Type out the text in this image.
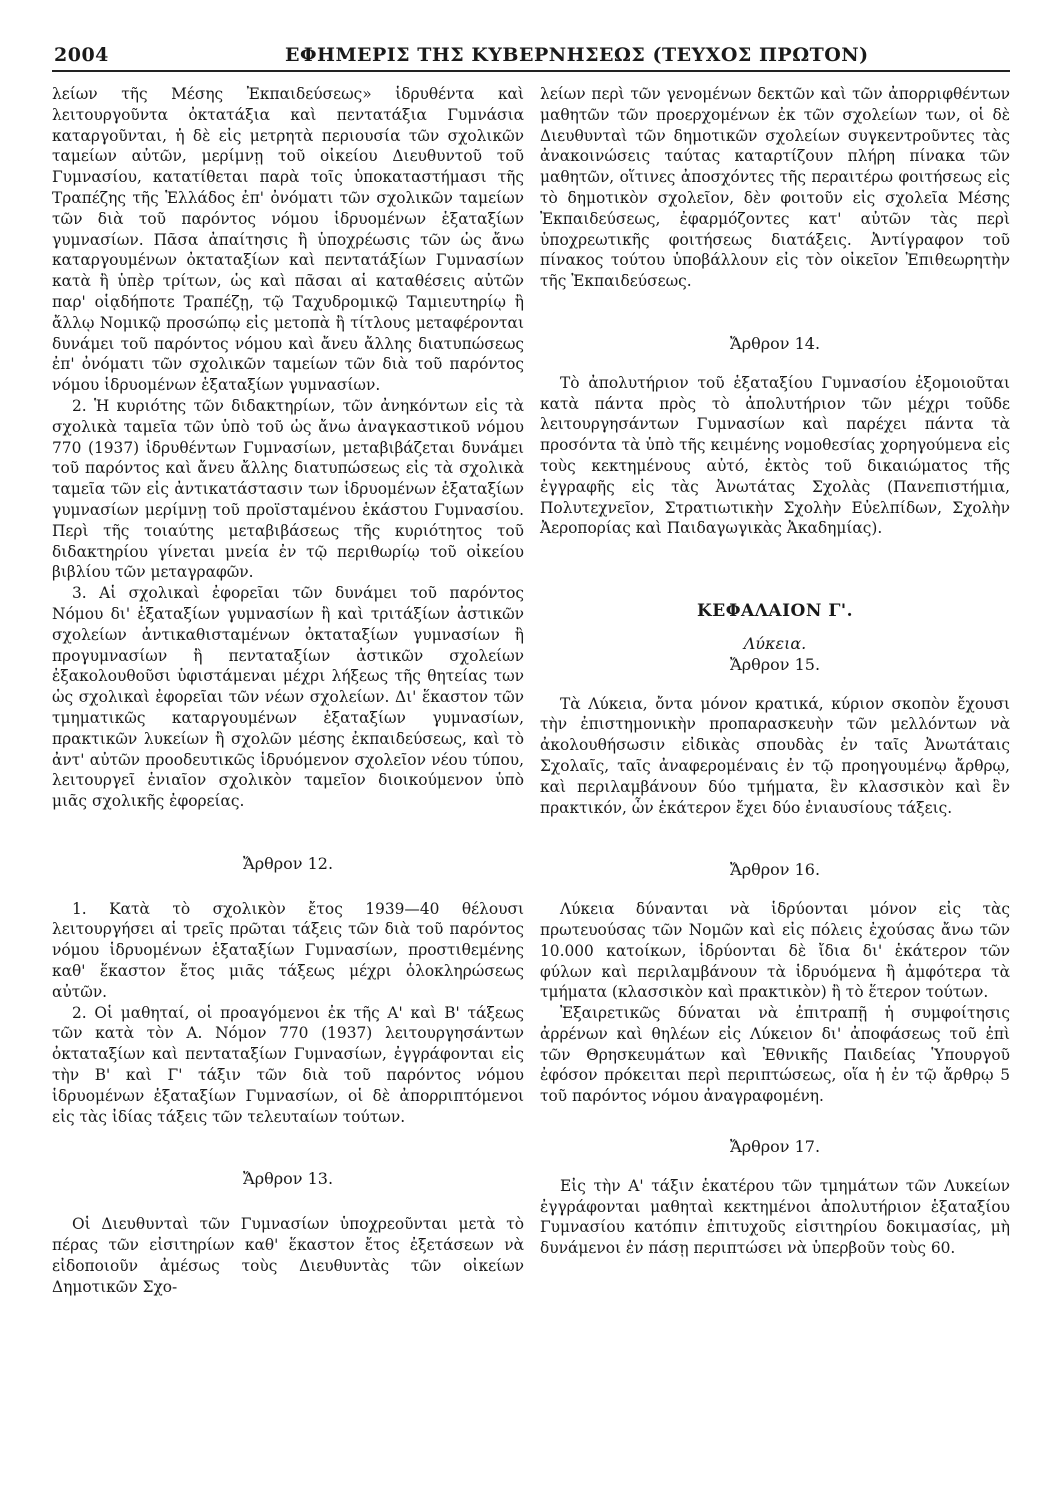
2004	ΕΦΗΜΕΡΙΣ ΤΗΣ ΚΥΒΕΡΝΗΣΕΩΣ (ΤΕΥΧΟΣ ΠΡΩΤΟΝ)

λείων τῆς Μέσης Ἐκπαιδεύσεως» ἱδρυθέντα καὶ λειτουργοῦντα ὀκτατάξια καὶ πεντατάξια Γυμνάσια καταργοῦνται, ἡ δὲ εἰς μετρητὰ περιουσία τῶν σχολικῶν ταμείων αὐτῶν, μερίμνῃ τοῦ οἰκείου Διευθυντοῦ τοῦ Γυμνασίου, κατατίθεται παρὰ τοῖς ὑποκαταστήμασι τῆς Τραπέζης τῆς Ἑλλάδος ἐπ' ὀνόματι τῶν σχολικῶν ταμείων τῶν διὰ τοῦ παρόντος νόμου ἱδρυομένων ἑξαταξίων γυμνασίων. Πᾶσα ἀπαίτησις ἢ ὑποχρέωσις τῶν ὡς ἄνω καταργουμένων ὀκταταξίων καὶ πεντατάξίων Γυμνασίων κατὰ ἢ ὑπὲρ τρίτων, ὡς καὶ πᾶσαι αἱ καταθέσεις αὐτῶν παρ' οἱᾳδήποτε Τραπέζῃ, τῷ Ταχυδρομικῷ Ταμιευτηρίῳ ἢ ἄλλῳ Νομικῷ προσώπῳ εἰς μετοπὰ ἢ τίτλους μεταφέρονται δυνάμει τοῦ παρόντος νόμου καὶ ἄνευ ἄλλης διατυπώσεως ἐπ' ὀνόματι τῶν σχολικῶν ταμείων τῶν διὰ τοῦ παρόντος νόμου ἱδρυομένων ἑξαταξίων γυμνασίων.

2. Ἡ κυριότης τῶν διδακτηρίων, τῶν ἀνηκόντων εἰς τὰ σχολικὰ ταμεῖα τῶν ὑπὸ τοῦ ὡς ἄνω ἀναγκαστικοῦ νόμου 770 (1937) ἱδρυθέντων Γυμνασίων, μεταβιβάζεται δυνάμει τοῦ παρόντος καὶ ἄνευ ἄλλης διατυπώσεως εἰς τὰ σχολικὰ ταμεῖα τῶν εἰς ἀντικατάστασιν των ἱδρυομένων ἑξαταξίων γυμνασίων μερίμνῃ τοῦ προϊσταμένου ἑκάστου Γυμνασίου. Περὶ τῆς τοιαύτης μεταβιβάσεως τῆς κυριότητος τοῦ διδακτηρίου γίνεται μνεία ἐν τῷ περιθωρίῳ τοῦ οἰκείου βιβλίου τῶν μεταγραφῶν.

3. Αἱ σχολικαὶ ἐφορεῖαι τῶν δυνάμει τοῦ παρόντος Νόμου δι' ἑξαταξίων γυμνασίων ἢ καὶ τριτάξίων ἀστικῶν σχολείων ἀντικαθισταμένων ὀκταταξίων γυμνασίων ἢ προγυμνασίων ἢ πενταταξίων ἀστικῶν σχολείων ἐξακολουθοῦσι ὑφιστάμεναι μέχρι λήξεως τῆς θητείας των ὡς σχολικαὶ ἐφορεῖαι τῶν νέων σχολείων. Δι' ἕκαστον τῶν τμηματικῶς καταργουμένων ἑξαταξίων γυμνασίων, πρακτικῶν λυκείων ἢ σχολῶν μέσης ἐκπαιδεύσεως, καὶ τὸ ἀντ' αὐτῶν προοδευτικῶς ἱδρυόμενον σχολεῖον νέου τύπου, λειτουργεῖ ἑνιαῖον σχολικὸν ταμεῖον διοικούμενον ὑπὸ μιᾶς σχολικῆς ἐφορείας.

Ἄρθρον 12.

1. Κατὰ τὸ σχολικὸν ἔτος 1939—40 θέλουσι λειτουργήσει αἱ τρεῖς πρῶται τάξεις τῶν διὰ τοῦ παρόντος νόμου ἱδρυομένων ἑξαταξίων Γυμνασίων, προστιθεμένης καθ' ἕκαστον ἔτος μιᾶς τάξεως μέχρι ὁλοκληρώσεως αὐτῶν.

2. Οἱ μαθηταί, οἱ προαγόμενοι ἐκ τῆς Α' καὶ Β' τάξεως τῶν κατὰ τὸν Α. Νόμον 770 (1937) λειτουργησάντων ὀκταταξίων καὶ πενταταξίων Γυμνασίων, ἐγγράφονται εἰς τὴν Β' καὶ Γ' τάξιν τῶν διὰ τοῦ παρόντος νόμου ἱδρυομένων ἑξαταξίων Γυμνασίων, οἱ δὲ ἀπορριπτόμενοι εἰς τὰς ἰδίας τάξεις τῶν τελευταίων τούτων.

Ἄρθρον 13.

Οἱ Διευθυνταὶ τῶν Γυμνασίων ὑποχρεοῦνται μετὰ τὸ πέρας τῶν εἰσιτηρίων καθ' ἕκαστον ἔτος ἐξετάσεων νὰ εἰδοποιοῦν ἀμέσως τοὺς Διευθυντὰς τῶν οἰκείων Δημοτικῶν Σχο-

λείων περὶ τῶν γενομένων δεκτῶν καὶ τῶν ἀπορριφθέντων μαθητῶν τῶν προερχομένων ἐκ τῶν σχολείων των, οἱ δὲ Διευθυνταὶ τῶν δημοτικῶν σχολείων συγκεντροῦντες τὰς ἀνακοινώσεις ταύτας καταρτίζουν πλήρη πίνακα τῶν μαθητῶν, οἵτινες ἀποσχόντες τῆς περαιτέρω φοιτήσεως εἰς τὸ δημοτικὸν σχολεῖον, δὲν φοιτοῦν εἰς σχολεῖα Μέσης Ἐκπαιδεύσεως, ἐφαρμόζοντες κατ' αὐτῶν τὰς περὶ ὑποχρεωτικῆς φοιτήσεως διατάξεις. Ἀντίγραφον τοῦ πίνακος τούτου ὑποβάλλουν εἰς τὸν οἰκεῖον Ἐπιθεωρητὴν τῆς Ἐκπαιδεύσεως.

Ἄρθρον 14.

Τὸ ἀπολυτήριον τοῦ ἑξαταξίου Γυμνασίου ἐξομοιοῦται κατὰ πάντα πρὸς τὸ ἀπολυτήριον τῶν μέχρι τοῦδε λειτουργησάντων Γυμνασίων καὶ παρέχει πάντα τὰ προσόντα τὰ ὑπὸ τῆς κειμένης νομοθεσίας χορηγούμενα εἰς τοὺς κεκτημένους αὐτό, ἐκτὸς τοῦ δικαιώματος τῆς ἐγγραφῆς εἰς τὰς Ἀνωτάτας Σχολὰς (Πανεπιστήμια, Πολυτεχνεῖον, Στρατιωτικὴν Σχολὴν Εὐελπίδων, Σχολὴν Ἀεροπορίας καὶ Παιδαγωγικὰς Ἀκαδημίας).

ΚΕΦΑΛΑΙΟΝ Γ'.

Λύκεια.

Ἄρθρον 15.

Τὰ Λύκεια, ὄντα μόνον κρατικά, κύριον σκοπὸν ἔχουσι τὴν ἐπιστημονικὴν προπαρασκευὴν τῶν μελλόντων νὰ ἀκολουθήσωσιν εἰδικὰς σπουδὰς ἐν ταῖς Ἀνωτάταις Σχολαῖς, ταῖς ἀναφερομέναις ἐν τῷ προηγουμένῳ ἄρθρῳ, καὶ περιλαμβάνουν δύο τμήματα, ἓν κλασσικὸν καὶ ἓν πρακτικόν, ὧν ἑκάτερον ἔχει δύο ἐνιαυσίους τάξεις.

Ἄρθρον 16.

Λύκεια δύνανται νὰ ἱδρύονται μόνον εἰς τὰς πρωτευούσας τῶν Νομῶν καὶ εἰς πόλεις ἐχούσας ἄνω τῶν 10.000 κατοίκων, ἱδρύονται δὲ ἴδια δι' ἑκάτερον τῶν φύλων καὶ περιλαμβάνουν τὰ ἱδρυόμενα ἢ ἀμφότερα τὰ τμήματα (κλασσικὸν καὶ πρακτικὸν) ἢ τὸ ἕτερον τούτων.

Ἐξαιρετικῶς δύναται νὰ ἐπιτραπῇ ἡ συμφοίτησις ἀρρένων καὶ θηλέων εἰς Λύκειον δι' ἀποφάσεως τοῦ ἐπὶ τῶν Θρησκευμάτων καὶ Ἐθνικῆς Παιδείας Ὑπουργοῦ ἐφόσον πρόκειται περὶ περιπτώσεως, οἵα ἡ ἐν τῷ ἄρθρῳ 5 τοῦ παρόντος νόμου ἀναγραφομένη.

Ἄρθρον 17.

Εἰς τὴν Α' τάξιν ἑκατέρου τῶν τμημάτων τῶν Λυκείων ἐγγράφονται μαθηταὶ κεκτημένοι ἀπολυτήριον ἑξαταξίου Γυμνασίου κατόπιν ἐπιτυχοῦς εἰσιτηρίου δοκιμασίας, μὴ δυνάμενοι ἐν πάσῃ περιπτώσει νὰ ὑπερβοῦν τοὺς 60.
